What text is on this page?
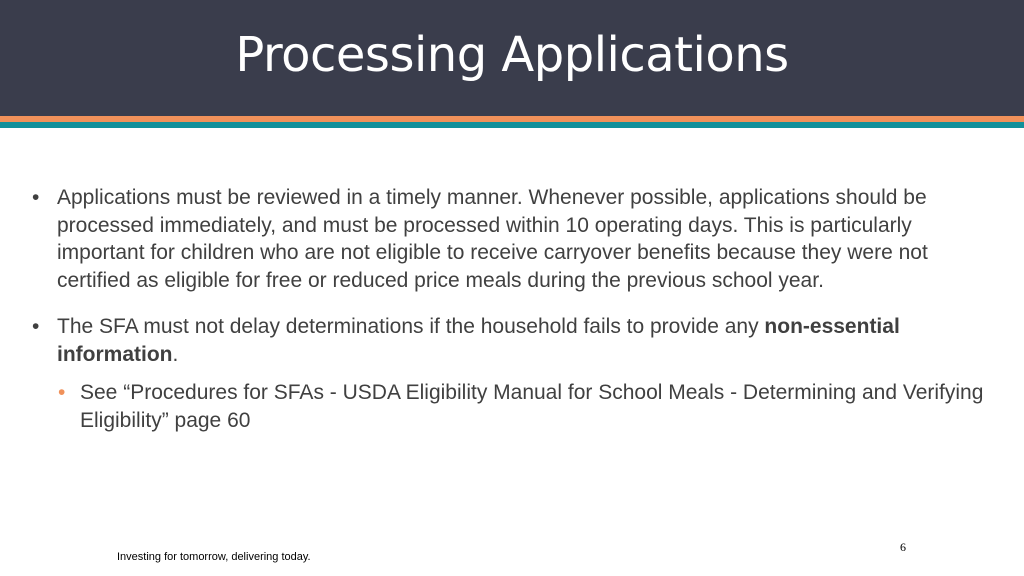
Processing Applications

• Applications must be reviewed in a timely manner. Whenever possible, applications should be processed immediately, and must be processed within 10 operating days. This is particularly important for children who are not eligible to receive carryover benefits because they were not certified as eligible for free or reduced price meals during the previous school year.

• The SFA must not delay determinations if the household fails to provide any non-essential information.

• See “Procedures for SFAs - USDA Eligibility Manual for School Meals - Determining and Verifying Eligibility” page 60

6
Investing for tomorrow, delivering today.
